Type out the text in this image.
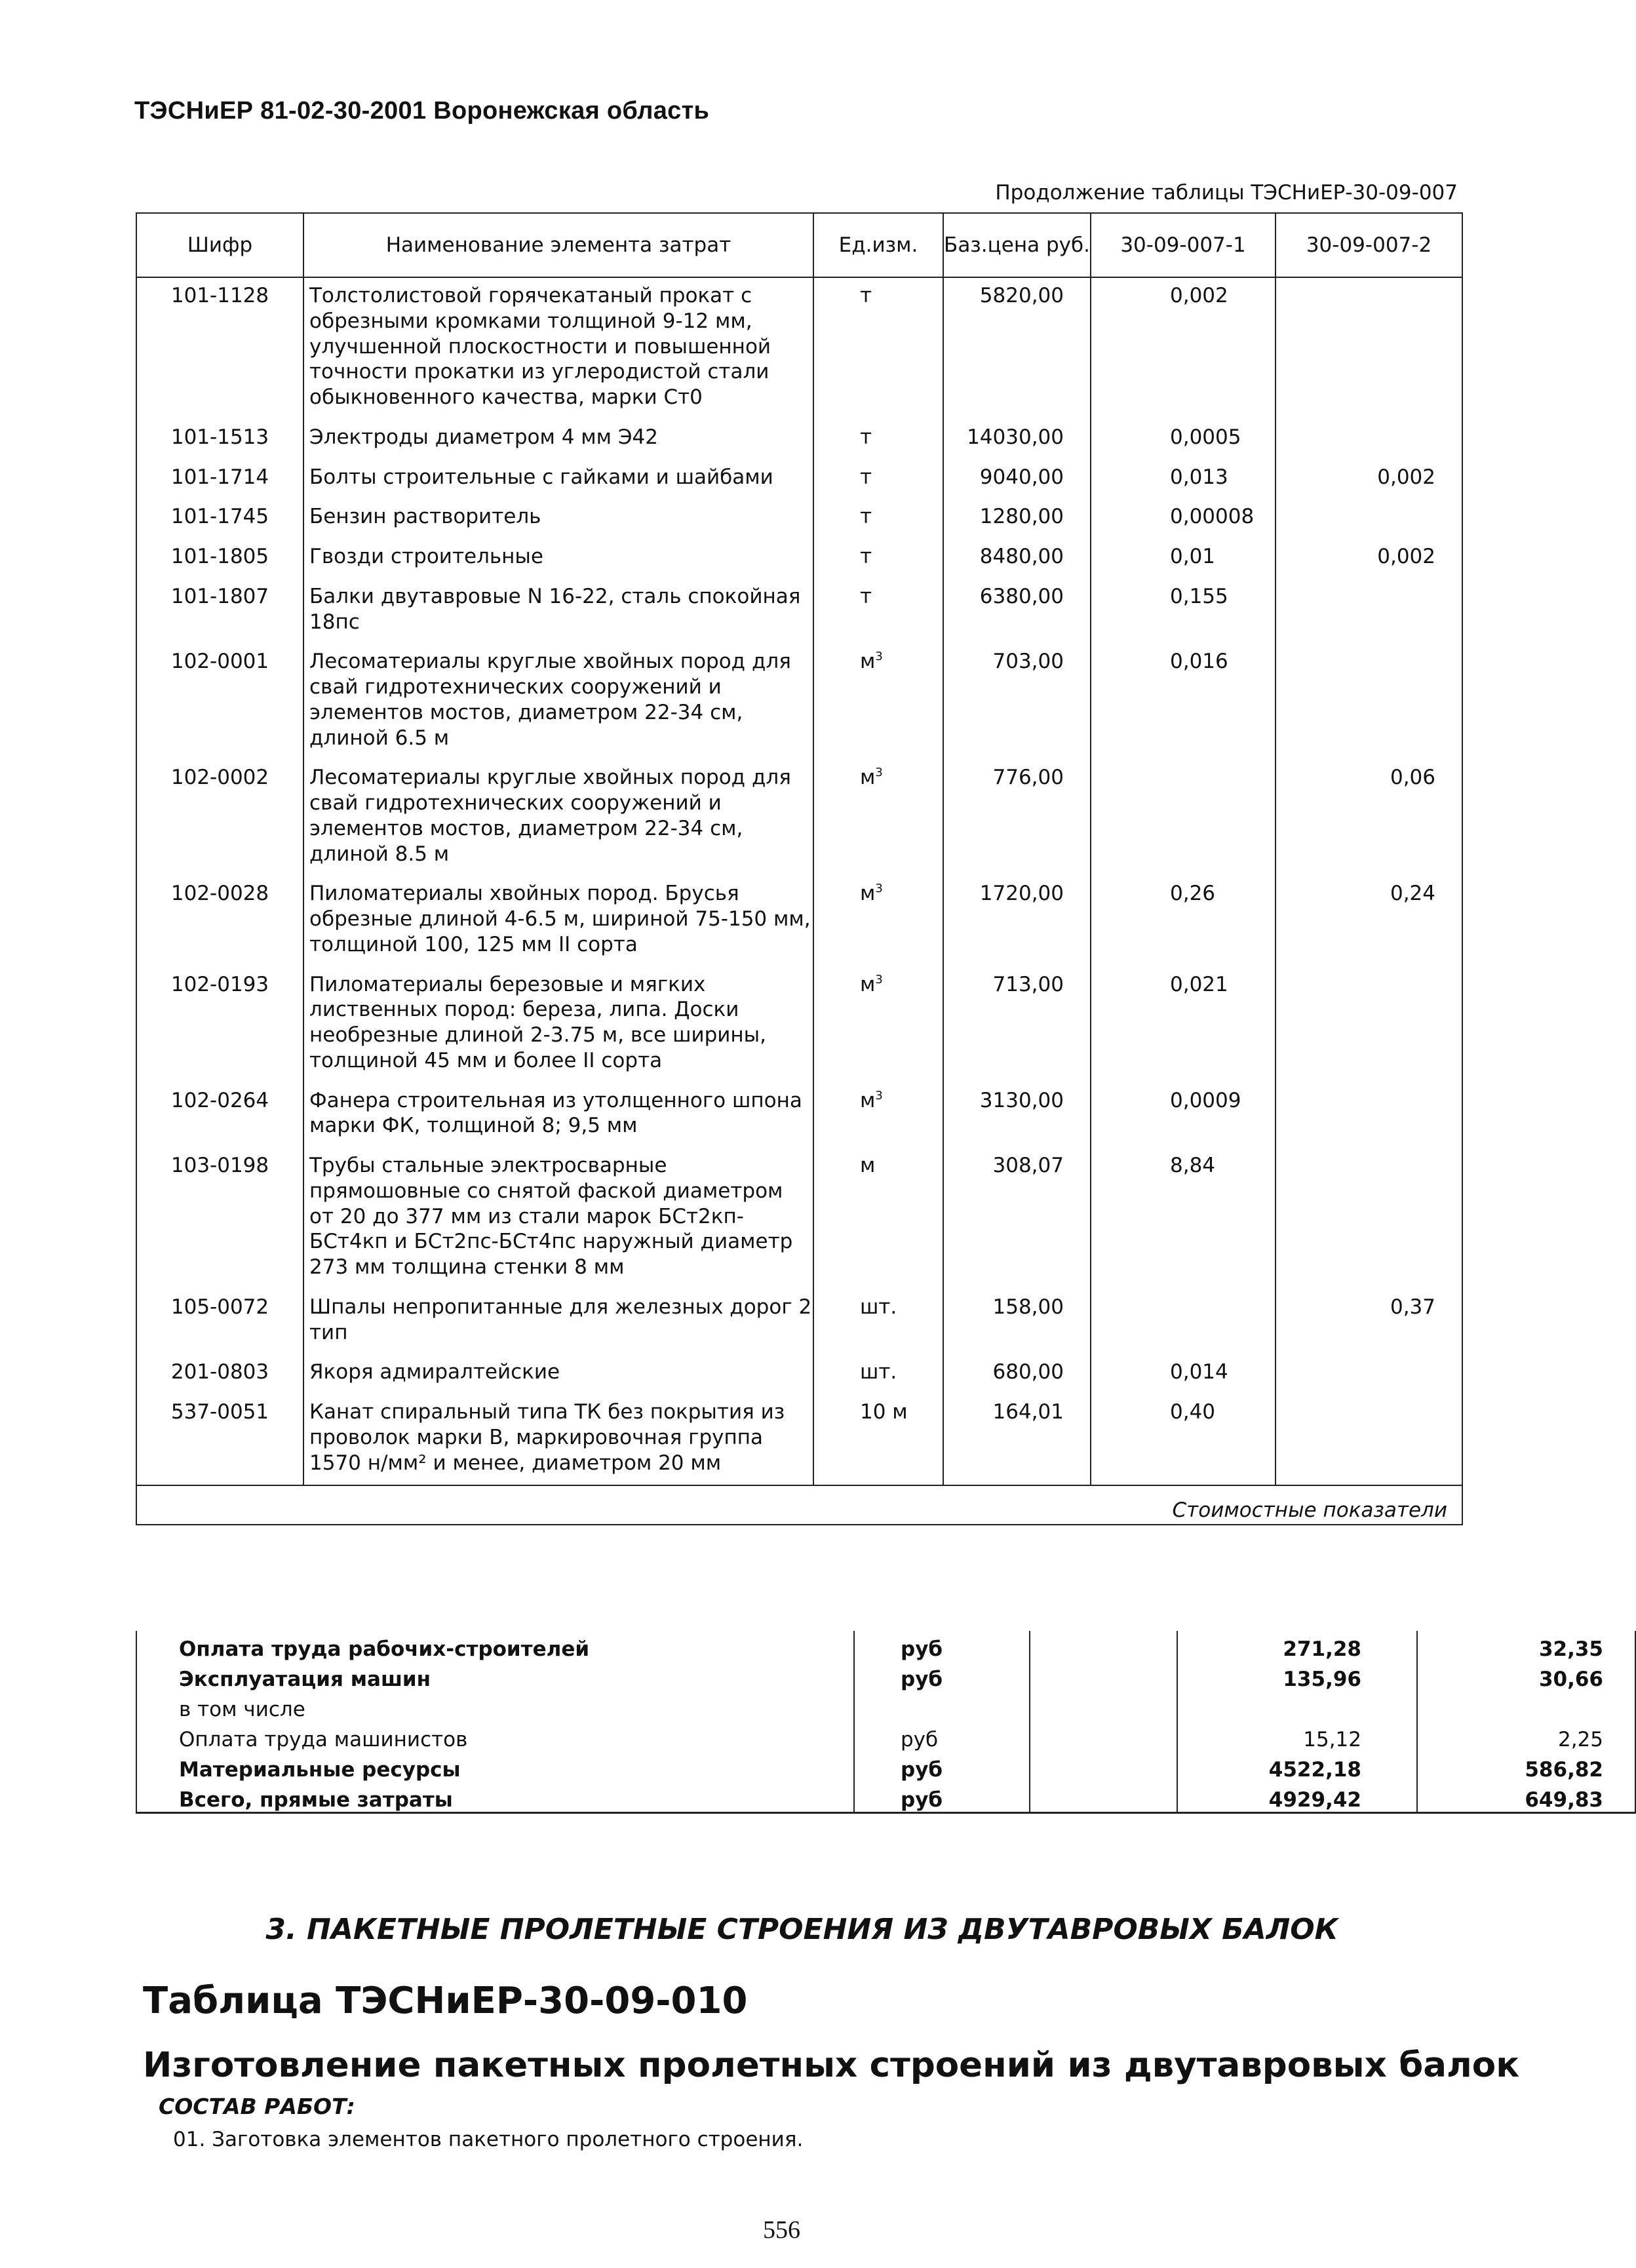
ТЭСНиЕР 81-02-30-2001 Воронежская область
Продолжение таблицы ТЭСНиЕР-30-09-007
Шифр	Наименование элемента затрат	Ед.изм.	Баз.цена руб.	30-09-007-1	30-09-007-2
101-1128	Толстолистовой горячекатаный прокат с обрезными кромками толщиной 9-12 мм, улучшенной плоскостности и повышенной точности прокатки из углеродистой стали обыкновенного качества, марки Ст0	т	5820,00	0,002	
101-1513	Электроды диаметром 4 мм Э42	т	14030,00	0,0005	
101-1714	Болты строительные с гайками и шайбами	т	9040,00	0,013	0,002
101-1745	Бензин растворитель	т	1280,00	0,00008	
101-1805	Гвозди строительные	т	8480,00	0,01	0,002
101-1807	Балки двутавровые N 16-22, сталь спокойная 18пс	т	6380,00	0,155	
102-0001	Лесоматериалы круглые хвойных пород для свай гидротехнических сооружений и элементов мостов, диаметром 22-34 см, длиной 6.5 м	$м^3$	703,00	0,016	
102-0002	Лесоматериалы круглые хвойных пород для свай гидротехнических сооружений и элементов мостов, диаметром 22-34 см, длиной 8.5 м	$м^3$	776,00		0,06
102-0028	Пиломатериалы хвойных пород. Брусья обрезные длиной 4-6.5 м, шириной 75-150 мм, толщиной 100, 125 мм II сорта	$м^3$	1720,00	0,26	0,24
102-0193	Пиломатериалы березовые и мягких лиственных пород: береза, липа. Доски необрезные длиной 2-3.75 м, все ширины, толщиной 45 мм и более II сорта	$м^3$	713,00	0,021	
102-0264	Фанера строительная из утолщенного шпона марки ФК, толщиной 8; 9,5 мм	$м^3$	3130,00	0,0009	
103-0198	Трубы стальные электросварные прямошовные со снятой фаской диаметром от 20 до 377 мм из стали марок БСт2кп-БСт4кп и БСт2пс-БСт4пс наружный диаметр 273 мм толщина стенки 8 мм	м	308,07	8,84	
105-0072	Шпалы непропитанные для железных дорог 2 тип	шт.	158,00		0,37
201-0803	Якоря адмиралтейские	шт.	680,00	0,014	
537-0051	Канат спиральный типа ТК без покрытия из проволок марки В, маркировочная группа 1570 н/мм² и менее, диаметром 20 мм	10 м	164,01	0,40	
Стоимостные показатели					
Оплата труда рабочих-строителей	руб		271,28	32,35
Эксплуатация машин	руб		135,96	30,66
в том числе				
Оплата труда машинистов	руб		15,12	2,25
Материальные ресурсы	руб		4522,18	586,82
Всего, прямые затраты	руб		4929,42	649,83
3. ПАКЕТНЫЕ ПРОЛЕТНЫЕ СТРОЕНИЯ ИЗ ДВУТАВРОВЫХ БАЛОК
Таблица ТЭСНиЕР-30-09-010
Изготовление пакетных пролетных строений из двутавровых балок
СОСТАВ РАБОТ:
01. Заготовка элементов пакетного пролетного строения.
556
